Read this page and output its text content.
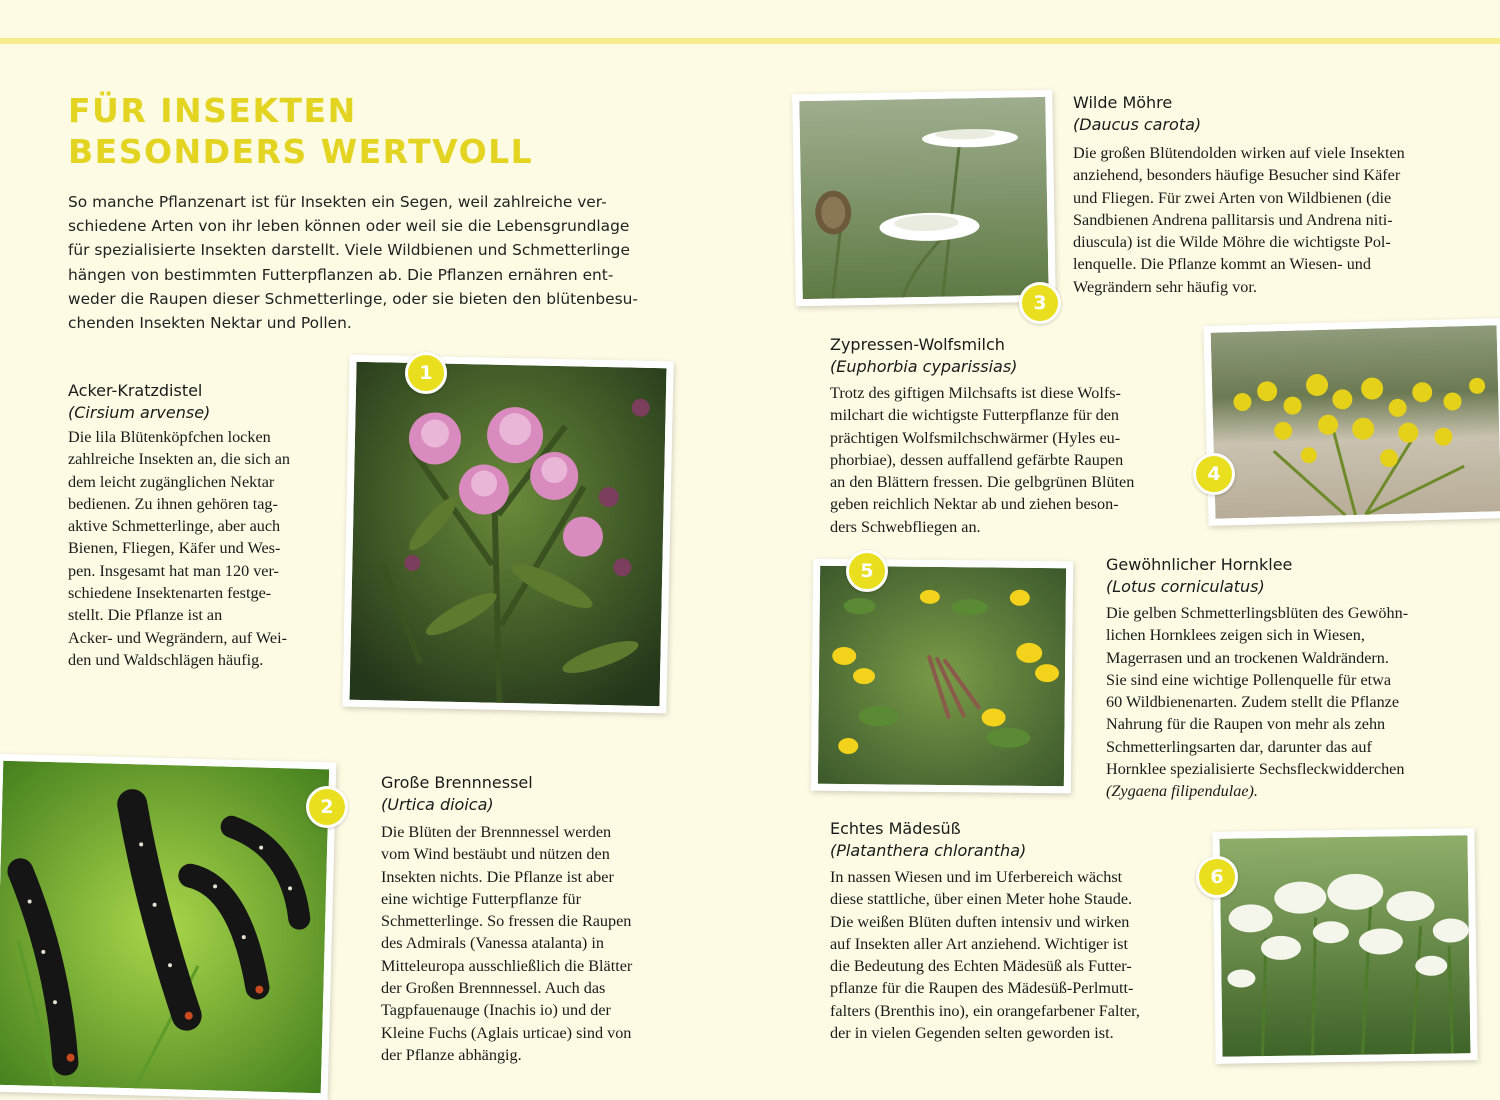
FÜR INSEKTEN
BESONDERS WERTVOLL
So manche Pflanzenart ist für Insekten ein Segen, weil zahlreiche ver-
schiedene Arten von ihr leben können oder weil sie die Lebensgrundlage
für spezialisierte Insekten darstellt. Viele Wildbienen und Schmetterlinge
hängen von bestimmten Futterpflanzen ab. Die Pflanzen ernähren ent-
weder die Raupen dieser Schmetterlinge, oder sie bieten den blütenbesu-
chenden Insekten Nektar und Pollen.
Acker-Kratzdistel
(Cirsium arvense)
Die lila Blütenköpfchen locken
zahlreiche Insekten an, die sich an
dem leicht zugänglichen Nektar
bedienen. Zu ihnen gehören tag-
aktive Schmetterlinge, aber auch
Bienen, Fliegen, Käfer und Wes-
pen. Insgesamt hat man 120 ver-
schiedene Insektenarten festge-
stellt. Die Pflanze ist an
Acker- und Wegrändern, auf Wei-
den und Waldschlägen häufig.
1
2
Große Brennnessel
(Urtica dioica)
Die Blüten der Brennnessel werden
vom Wind bestäubt und nützen den
Insekten nichts. Die Pflanze ist aber
eine wichtige Futterpflanze für
Schmetterlinge. So fressen die Raupen
des Admirals (Vanessa atalanta) in
Mitteleuropa ausschließlich die Blätter
der Großen Brennnessel. Auch das
Tagpfauenauge (Inachis io) und der
Kleine Fuchs (Aglais urticae) sind von
der Pflanze abhängig.
3
Wilde Möhre
(Daucus carota)
Die großen Blütendolden wirken auf viele Insekten
anziehend, besonders häufige Besucher sind Käfer
und Fliegen. Für zwei Arten von Wildbienen (die
Sandbienen Andrena pallitarsis und Andrena niti-
diuscula) ist die Wilde Möhre die wichtigste Pol-
lenquelle. Die Pflanze kommt an Wiesen- und
Wegrändern sehr häufig vor.
Zypressen-Wolfsmilch
(Euphorbia cyparissias)
Trotz des giftigen Milchsafts ist diese Wolfs-
milchart die wichtigste Futterpflanze für den
prächtigen Wolfsmilchschwärmer (Hyles eu-
phorbiae), dessen auffallend gefärbte Raupen
an den Blättern fressen. Die gelbgrünen Blüten
geben reichlich Nektar ab und ziehen beson-
ders Schwebfliegen an.
4
5	Gewöhnlicher Hornklee
(Lotus corniculatus)
Die gelben Schmetterlingsblüten des Gewöhn-
lichen Hornklees zeigen sich in Wiesen,
Magerrasen und an trockenen Waldrändern.
Sie sind eine wichtige Pollenquelle für etwa
60 Wildbienenarten. Zudem stellt die Pflanze
Nahrung für die Raupen von mehr als zehn
Schmetterlingsarten dar, darunter das auf
Hornklee spezialisierte Sechsfleckwidderchen
(Zygaena filipendulae).
Echtes Mädesüß
(Platanthera chlorantha)
In nassen Wiesen und im Uferbereich wächst
diese stattliche, über einen Meter hohe Staude.
Die weißen Blüten duften intensiv und wirken
auf Insekten aller Art anziehend. Wichtiger ist
die Bedeutung des Echten Mädesüß als Futter-
pflanze für die Raupen des Mädesüß-Perlmutt-
falters (Brenthis ino), ein orangefarbener Falter,
der in vielen Gegenden selten geworden ist.
6
